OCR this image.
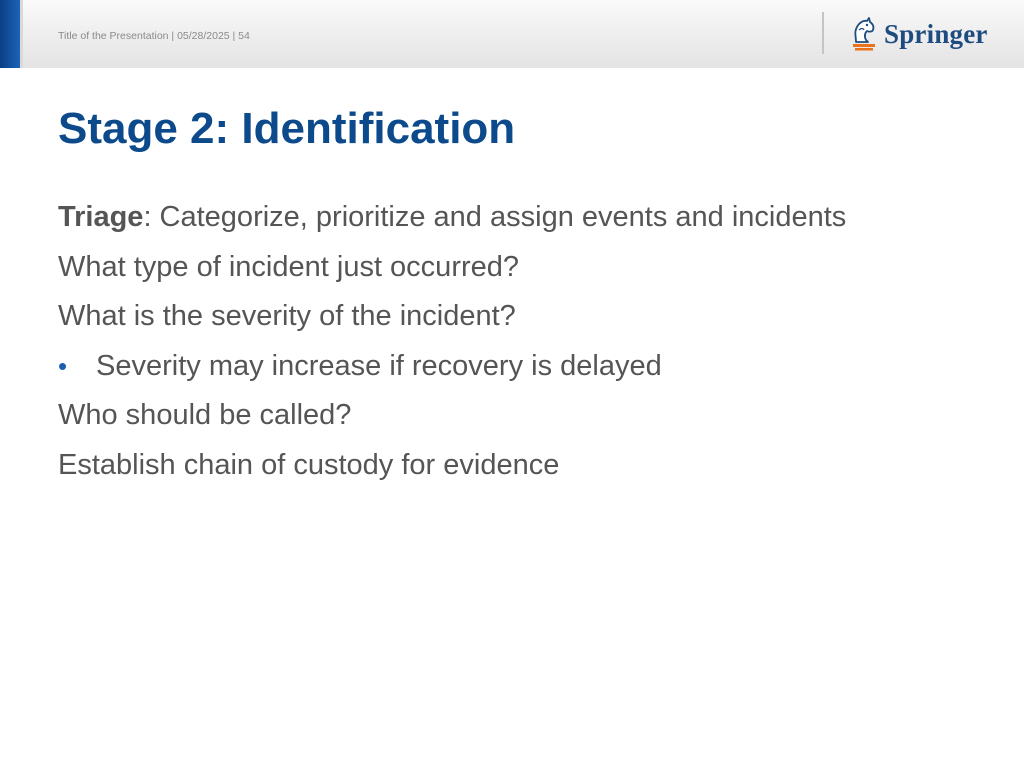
Title of the Presentation | 05/28/2025 | 54	Springer
Stage 2: Identification
Triage: Categorize, prioritize and assign events and incidents
What type of incident just occurred?
What is the severity of the incident?
• Severity may increase if recovery is delayed
Who should be called?
Establish chain of custody for evidence
